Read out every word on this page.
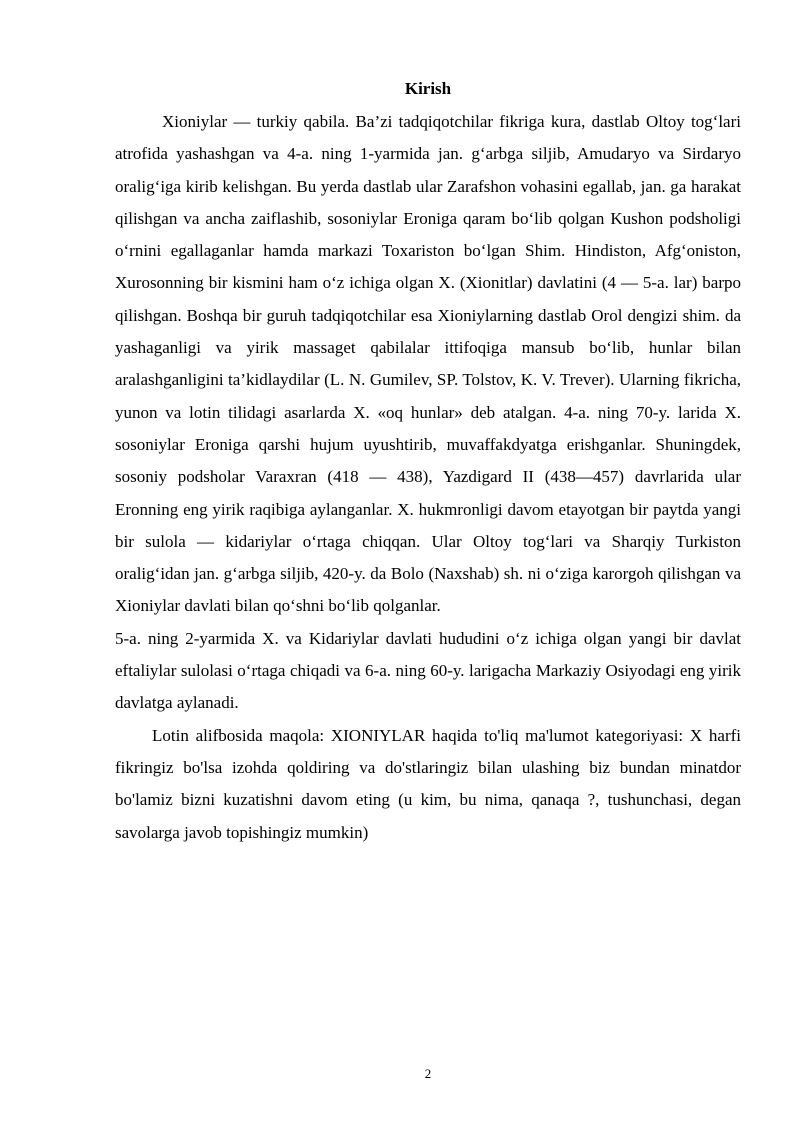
Kirish

Xioniylar — turkiy qabila. Ba’zi tadqiqotchilar fikriga kura, dastlab Oltoy tog‘lari atrofida yashashgan va 4-a. ning 1-yarmida jan. g‘arbga siljib, Amudaryo va Sirdaryo oralig‘iga kirib kelishgan. Bu yerda dastlab ular Zarafshon vohasini egallab, jan. ga harakat qilishgan va ancha zaiflashib, sosoniylar Eroniga qaram bo‘lib qolgan Kushon podsholigi o‘rnini egallaganlar hamda markazi Toxariston bo‘lgan Shim. Hindiston, Afg‘oniston, Xurosonning bir kismini ham o‘z ichiga olgan X. (Xionitlar) davlatini (4 — 5-a. lar) barpo qilishgan. Boshqa bir guruh tadqiqotchilar esa Xioniylarning dastlab Orol dengizi shim. da yashaganligi va yirik massaget qabilalar ittifoqiga mansub bo‘lib, hunlar bilan aralashganligini ta’kidlaydilar (L. N. Gumilev, SP. Tolstov, K. V. Trever). Ularning fikricha, yunon va lotin tilidagi asarlarda X. «oq hunlar» deb atalgan. 4-a. ning 70-y. larida X. sosoniylar Eroniga qarshi hujum uyushtirib, muvaffakdyatga erishganlar. Shuningdek, sosoniy podsholar Varaxran (418 — 438), Yazdigard II (438—457) davrlarida ular Eronning eng yirik raqibiga aylanganlar. X. hukmronligi davom etayotgan bir paytda yangi bir sulola — kidariylar o‘rtaga chiqqan. Ular Oltoy tog‘lari va Sharqiy Turkiston oralig‘idan jan. g‘arbga siljib, 420-y. da Bolo (Naxshab) sh. ni o‘ziga karorgoh qilishgan va Xioniylar davlati bilan qo‘shni bo‘lib qolganlar.

5-a. ning 2-yarmida X. va Kidariylar davlati hududini o‘z ichiga olgan yangi bir davlat eftaliylar sulolasi o‘rtaga chiqadi va 6-a. ning 60-y. larigacha Markaziy Osiyodagi eng yirik davlatga aylanadi.

Lotin alifbosida maqola: XIONIYLAR haqida to'liq ma'lumot kategoriyasi: X harfi fikringiz bo'lsa izohda qoldiring va do'stlaringiz bilan ulashing biz bundan minatdor bo'lamiz bizni kuzatishni davom eting (u kim, bu nima, qanaqa ?, tushunchasi, degan savolarga javob topishingiz mumkin)

2
